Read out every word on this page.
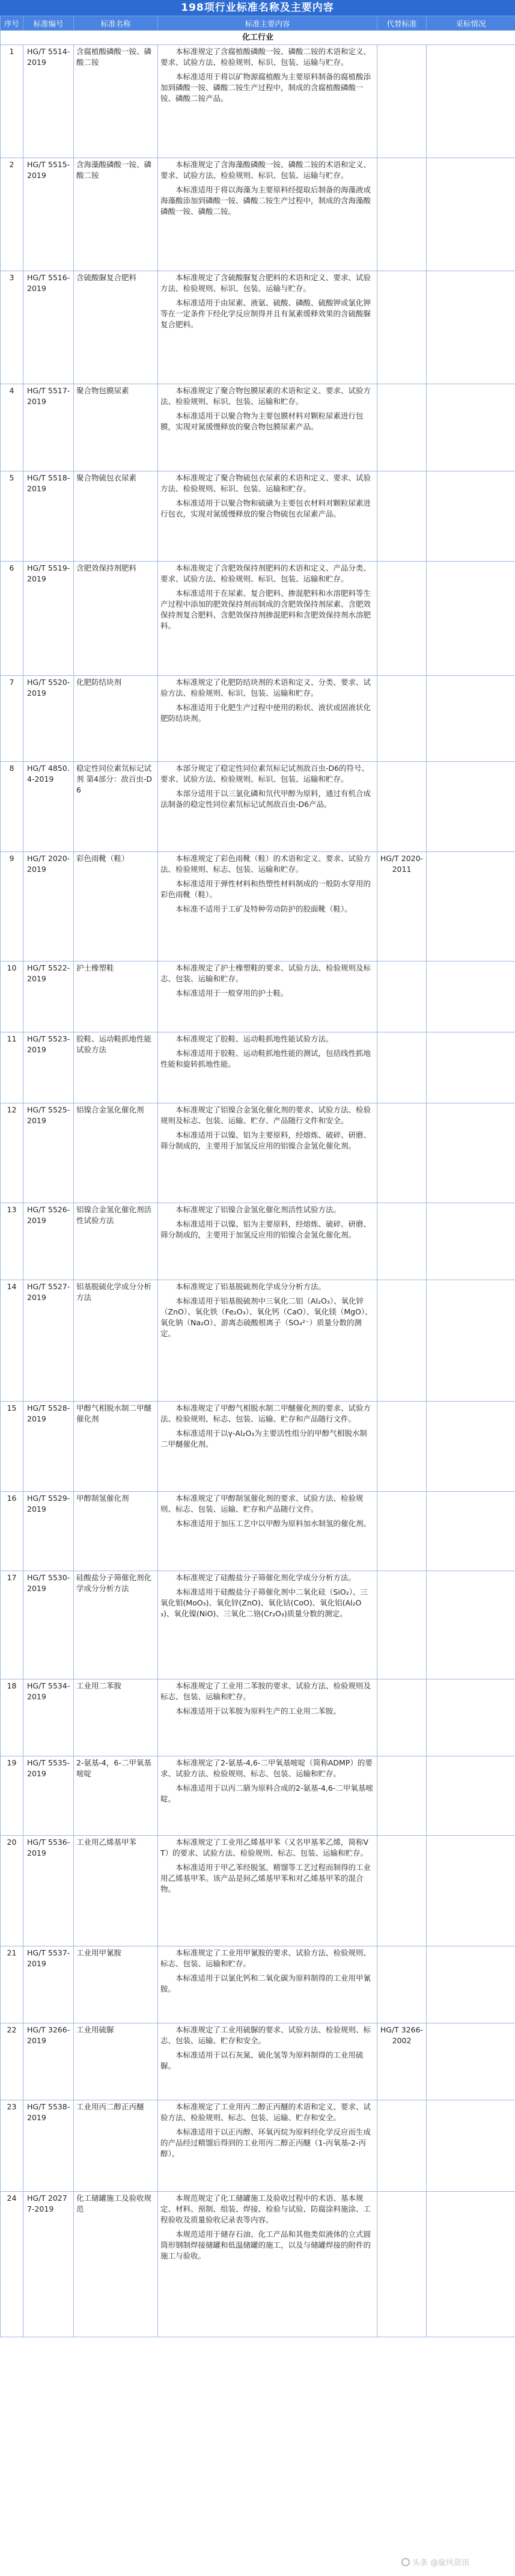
198项行业标准名称及主要内容
序号	标准编号	标准名称	标准主要内容	代替标准	采标情况
化工行业					
1	HG/T 5514-2019	含腐植酸磷酸一铵、磷酸二铵	本标准规定了含腐植酸磷酸一铵、磷酸二铵的术语和定义、要求、试验方法、检验规则、标识、包装、运输与贮存。
本标准适用于将以矿物源腐植酸为主要原料制备的腐植酸添加到磷酸一铵、磷酸二铵生产过程中，制成的含腐植酸磷酸一铵、磷酸二铵产品。		

2	HG/T 5515-2019	含海藻酸磷酸一铵、磷酸二铵	本标准规定了含海藻酸磷酸一铵、磷酸二铵的术语和定义、要求、试验方法、检验规则、标识、包装、运输与贮存。
本标准适用于将以海藻为主要原料经提取后制备的海藻液或海藻酸添加到磷酸一铵、磷酸二铵生产过程中，制成的含海藻酸磷酸一铵、磷酸二铵。		

3	HG/T 5516-2019	含硫酸脲复合肥料	本标准规定了含硫酸脲复合肥料的术语和定义、要求、试验方法、检验规则、标识、包装、运输与贮存。
本标准适用于由尿素、液氨、硫酸、磷酸、硫酸钾或氯化钾等在一定条件下经化学反应制得并且有氮素缓释效果的含硫酸脲复合肥料。		

4	HG/T 5517-2019	聚合物包膜尿素	本标准规定了聚合物包膜尿素的术语和定义、要求、试验方法、检验规则、标识、包装、运输和贮存。
本标准适用于以聚合物为主要包膜材料对颗粒尿素进行包膜，实现对氮缓慢释放的聚合物包膜尿素产品。		

5	HG/T 5518-2019	聚合物硫包衣尿素	本标准规定了聚合物硫包衣尿素的术语和定义、要求、试验方法、检验规则、标识、包装、运输和贮存。
本标准适用于以聚合物和硫磺为主要包衣材料对颗粒尿素进行包衣，实现对氮缓慢释放的聚合物硫包衣尿素产品。		

6	HG/T 5519-2019	含肥效保持剂肥料	本标准规定了含肥效保持剂肥料的术语和定义、产品分类、要求、试验方法、检验规则、标识、包装、运输和贮存。
本标准适用于在尿素、复合肥料、掺混肥料和水溶肥料等生产过程中添加的肥效保持剂而制成的含肥效保持剂尿素、含肥效保持剂复合肥料、含肥效保持剂掺混肥料和含肥效保持剂水溶肥料。		

7	HG/T 5520-2019	化肥防结块剂	本标准规定了化肥防结块剂的术语和定义、分类、要求、试验方法、检验规则、标识、包装、运输和贮存。
本标准适用于化肥生产过程中使用的粉状、液状或固液状化肥防结块剂。		

8	HG/T 4850.4-2019	稳定性同位素氘标记试剂 第4部分：敌百虫-D6	本部分规定了稳定性同位素氘标记试剂敌百虫-D6的符号、要求、试验方法、检验规则、标识、包装、运输和贮存。
本部分适用于以三氯化磷和氘代甲醇为原料，通过有机合成法制备的稳定性同位素氘标记试剂敌百虫-D6产品。		

9	HG/T 2020-2019	彩色雨靴（鞋）	本标准规定了彩色雨靴（鞋）的术语和定义、要求、试验方法、检验规则、标志、包装、运输和贮存。
本标准适用于弹性材料和热塑性材料制成的一般防水穿用的彩色雨靴（鞋）。
本标准不适用于工矿及特种劳动防护的胶面靴（鞋）。	HG/T 2020-2011	
10	HG/T 5522-2019	护士橡塑鞋	本标准规定了护士橡塑鞋的要求、试验方法、检验规则及标志、包装、运输和贮存。
本标准适用于一般穿用的护士鞋。		

11	HG/T 5523-2019	胶鞋、运动鞋抓地性能试验方法	本标准规定了胶鞋、运动鞋抓地性能试验方法。
本标准适用于胶鞋、运动鞋抓地性能的测试，包括线性抓地性能和旋转抓地性能。		

12	HG/T 5525-2019	铝镍合金氢化催化剂	本标准规定了铝镍合金氢化催化剂的要求、试验方法、检验规则及标志、包装、运输、贮存、产品随行文件和安全。
本标准适用于以镍、铝为主要原料，经熔炼、破碎、研磨、筛分制成的，主要用于加氢反应用的铝镍合金氢化催化剂。		

13	HG/T 5526-2019	铝镍合金氢化催化剂活性试验方法	本标准规定了铝镍合金氢化催化剂活性试验方法。
本标准适用于以镍、铝为主要原料，经熔炼、破碎、研磨、筛分制成的，主要用于加氢反应用的铝镍合金氢化催化剂。		

14	HG/T 5527-2019	铝基脱硫化学成分分析方法	本标准规定了铝基脱硫剂化学成分分析方法。
本标准适用于铝基脱硫剂中三氧化二铝（Al₂O₃）、氧化锌（ZnO）、氧化铁（Fe₂O₃）、氧化钙（CaO）、氧化镁（MgO）、氧化钠（Na₂O）、游离态硫酸根离子（SO₄²⁻）质量分数的测定。		

15	HG/T 5528-2019	甲醇气相脱水制二甲醚催化剂	本标准规定了甲醇气相脱水制二甲醚催化剂的要求、试验方法、检验规则、标志、包装、运输、贮存和产品随行文件。
本标准适用于以γ-Al₂O₃为主要活性组分的甲醇气相脱水制二甲醚催化剂。		

16	HG/T 5529-2019	甲醇制氢催化剂	本标准规定了甲醇制氢催化剂的要求、试验方法、检验规则、标志、包装、运输、贮存和产品随行文件。
本标准适用于加压工艺中以甲醇为原料加水制氢的催化剂。		

17	HG/T 5530-2019	硅酸盐分子筛催化剂化学成分分析方法	本标准规定了硅酸盐分子筛催化剂化学成分分析方法。
本标准适用于硅酸盐分子筛催化剂中二氧化硅（SiO₂）、三氧化钼(MoO₃)、氧化锌(ZnO)、氧化钴(CoO)、氧化铝(Al₂O₃)、氧化镍(NiO)、三氧化二铬(Cr₂O₃)质量分数的测定。		

18	HG/T 5534-2019	工业用二苯胺	本标准规定了工业用二苯胺的要求、试验方法、检验规则及标志、包装、运输和贮存。
本标准适用于以苯胺为原料生产的工业用二苯胺。		

19	HG/T 5535-2019	2-氨基-4，6-二甲氧基嘧啶	本标准规定了2-氨基-4,6-二甲氧基嘧啶（简称ADMP）的要求、试验方法、检验规则、标志、包装、运输和贮存。
本标准适用于以丙二腈为原料合成的2-氨基-4,6-二甲氧基嘧啶。		

20	HG/T 5536-2019	工业用乙烯基甲苯	本标准规定了工业用乙烯基甲苯（又名甲基苯乙烯，简称VT）的要求、试验方法、检验规则、标志、包装、运输和贮存。
本标准适用于甲乙苯经脱氢、精馏等工艺过程而制得的工业用乙烯基甲苯。该产品是间乙烯基甲苯和对乙烯基甲苯的混合物。		

21	HG/T 5537-2019	工业用甲氰胺	本标准规定了工业用甲氰胺的要求、试验方法、检验规则、标志、包装、运输和贮存。
本标准适用于以氯化钙和二氧化碳为原料制得的工业用甲氰胺。		

22	HG/T 3266-2019	工业用硫脲	本标准规定了工业用硫脲的要求、试验方法、检验规则、标志、包装、运输、贮存和安全。
本标准适用于以石灰氮、硫化氢等为原料制得的工业用硫脲。	HG/T 3266-2002	
23	HG/T 5538-2019	工业用丙二醇正丙醚	本标准规定了工业用丙二醇正丙醚的术语和定义、要求、试验方法、检验规则、标志、包装、运输、贮存和安全。
本标准适用于以正丙醇、环氧丙烷为原料经化学反应而生成的产品经过精馏后得到的工业用丙二醇正丙醚（1-丙氧基-2-丙醇）。		

24	HG/T 20277-2019	化工储罐施工及验收规范	本规范规定了化工储罐施工及验收过程中的术语、基本规定、材料、预制、组装、焊接、检验与试验、防腐涂料施涂、工程验收及质量验收记录表等内容。
本规范适用于储存石油、化工产品和其他类似液体的立式圆筒形钢制焊接储罐和低温储罐的施工，以及与储罐焊接的附件的施工与验收。		

头条 @旋风资讯
